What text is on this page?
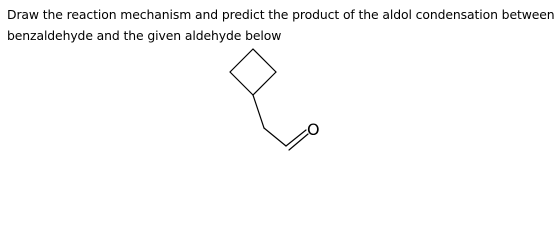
Draw the reaction mechanism and predict the product of the aldol condensation between
benzaldehyde and the given aldehyde below
O
